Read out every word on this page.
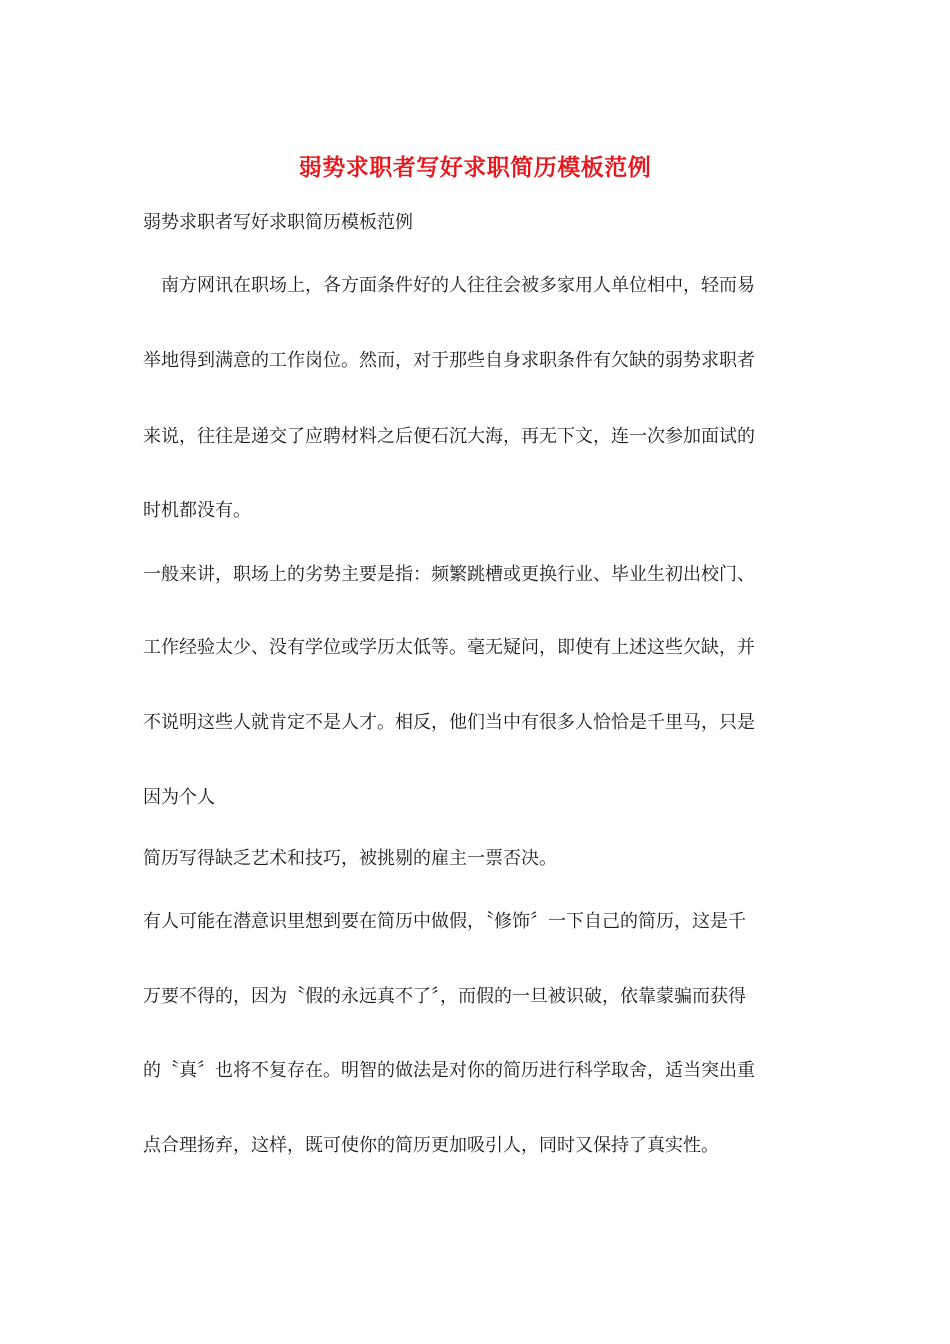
弱势求职者写好求职简历模板范例
弱势求职者写好求职简历模板范例
　南方网讯在职场上，各方面条件好的人往往会被多家用人单位相中，轻而易
举地得到满意的工作岗位。然而，对于那些自身求职条件有欠缺的弱势求职者
来说，往往是递交了应聘材料之后便石沉大海，再无下文，连一次参加面试的
时机都没有。
一般来讲，职场上的劣势主要是指：频繁跳槽或更换行业、毕业生初出校门、
工作经验太少、没有学位或学历太低等。毫无疑问，即使有上述这些欠缺，并
不说明这些人就肯定不是人才。相反，他们当中有很多人恰恰是千里马，只是
因为个人
简历写得缺乏艺术和技巧，被挑剔的雇主一票否决。
有人可能在潜意识里想到要在简历中做假，〝修饰〞一下自己的简历，这是千
万要不得的，因为〝假的永远真不了〞，而假的一旦被识破，依靠蒙骗而获得
的〝真〞也将不复存在。明智的做法是对你的简历进行科学取舍，适当突出重
点合理扬弃，这样，既可使你的简历更加吸引人，同时又保持了真实性。
